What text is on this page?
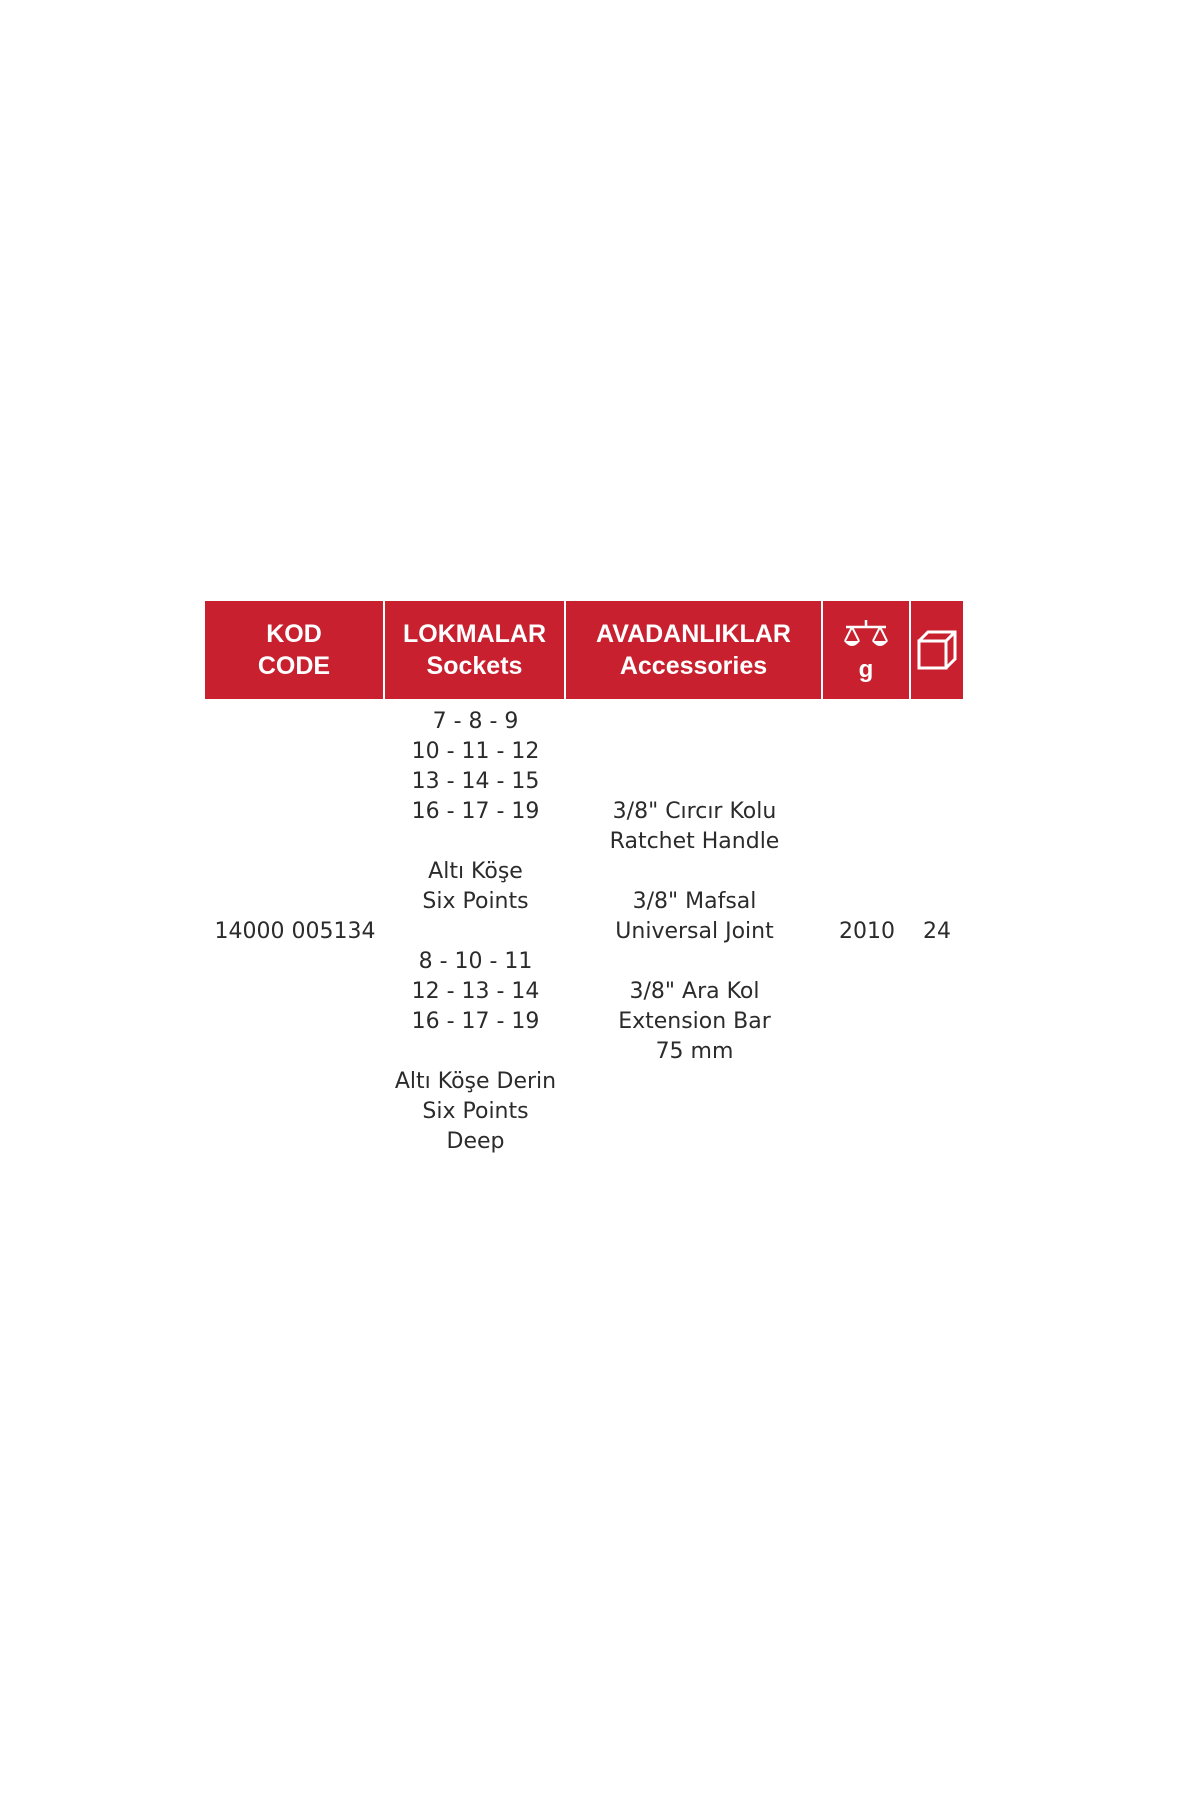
KOD
CODE
LOKMALAR
Sockets
AVADANLIKLAR
Accessories	g
14000 005134
7 - 8 - 9
10 - 11 - 12
13 - 14 - 15
16 - 17 - 19
Altı Köşe
Six Points
8 - 10 - 11
12 - 13 - 14
16 - 17 - 19
Altı Köşe Derin
Six Points
Deep
3/8" Cırcır Kolu
Ratchet Handle
3/8" Mafsal
Universal Joint
3/8" Ara Kol
Extension Bar
75 mm
2010	24
